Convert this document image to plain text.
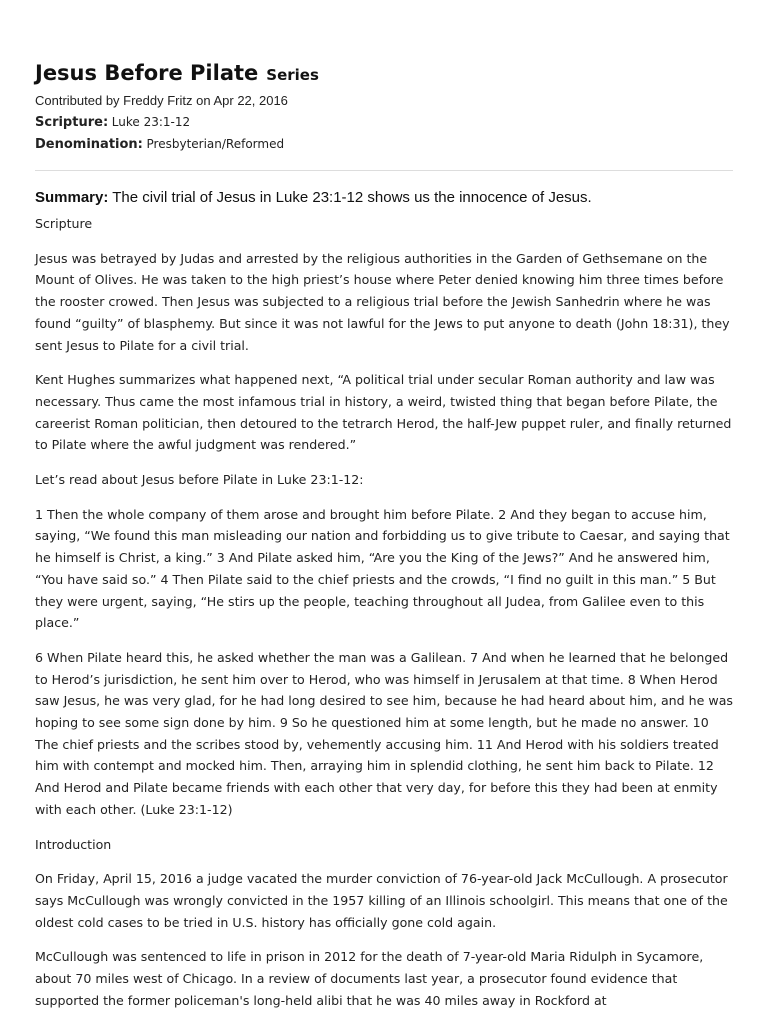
Jesus Before Pilate Series

Contributed by Freddy Fritz on Apr 22, 2016

Scripture: Luke 23:1-12

Denomination: Presbyterian/Reformed

Summary: The civil trial of Jesus in Luke 23:1-12 shows us the innocence of Jesus.

Scripture

Jesus was betrayed by Judas and arrested by the religious authorities in the Garden of Gethsemane on the Mount of Olives. He was taken to the high priest’s house where Peter denied knowing him three times before the rooster crowed. Then Jesus was subjected to a religious trial before the Jewish Sanhedrin where he was found “guilty” of blasphemy. But since it was not lawful for the Jews to put anyone to death (John 18:31), they sent Jesus to Pilate for a civil trial.

Kent Hughes summarizes what happened next, “A political trial under secular Roman authority and law was necessary. Thus came the most infamous trial in history, a weird, twisted thing that began before Pilate, the careerist Roman politician, then detoured to the tetrarch Herod, the half-Jew puppet ruler, and finally returned to Pilate where the awful judgment was rendered.”

Let’s read about Jesus before Pilate in Luke 23:1-12:

1 Then the whole company of them arose and brought him before Pilate. 2 And they began to accuse him, saying, “We found this man misleading our nation and forbidding us to give tribute to Caesar, and saying that he himself is Christ, a king.” 3 And Pilate asked him, “Are you the King of the Jews?” And he answered him, “You have said so.” 4 Then Pilate said to the chief priests and the crowds, “I find no guilt in this man.” 5 But they were urgent, saying, “He stirs up the people, teaching throughout all Judea, from Galilee even to this place.”

6 When Pilate heard this, he asked whether the man was a Galilean. 7 And when he learned that he belonged to Herod’s jurisdiction, he sent him over to Herod, who was himself in Jerusalem at that time. 8 When Herod saw Jesus, he was very glad, for he had long desired to see him, because he had heard about him, and he was hoping to see some sign done by him. 9 So he questioned him at some length, but he made no answer. 10 The chief priests and the scribes stood by, vehemently accusing him. 11 And Herod with his soldiers treated him with contempt and mocked him. Then, arraying him in splendid clothing, he sent him back to Pilate. 12 And Herod and Pilate became friends with each other that very day, for before this they had been at enmity with each other. (Luke 23:1-12)

Introduction

On Friday, April 15, 2016 a judge vacated the murder conviction of 76-year-old Jack McCullough. A prosecutor says McCullough was wrongly convicted in the 1957 killing of an Illinois schoolgirl. This means that one of the oldest cold cases to be tried in U.S. history has officially gone cold again.

McCullough was sentenced to life in prison in 2012 for the death of 7-year-old Maria Ridulph in Sycamore, about 70 miles west of Chicago. In a review of documents last year, a prosecutor found evidence that supported the former policeman's long-held alibi that he was 40 miles away in Rockford at
